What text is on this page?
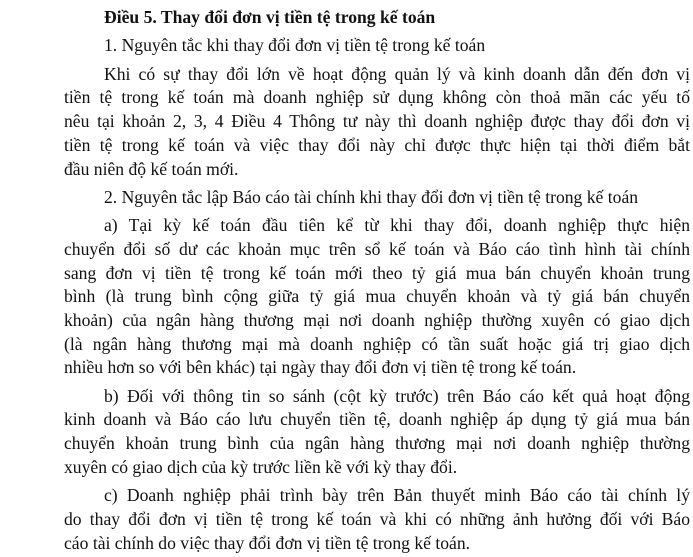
Điều 5. Thay đổi đơn vị tiền tệ trong kế toán
1. Nguyên tắc khi thay đổi đơn vị tiền tệ trong kế toán
Khi có sự thay đổi lớn về hoạt động quản lý và kinh doanh dẫn đến đơn vị
tiền tệ trong kế toán mà doanh nghiệp sử dụng không còn thoả mãn các yếu tố
nêu tại khoản 2, 3, 4 Điều 4 Thông tư này thì doanh nghiệp được thay đổi đơn vị
tiền tệ trong kế toán và việc thay đổi này chỉ được thực hiện tại thời điểm bắt
đầu niên độ kế toán mới.
2. Nguyên tắc lập Báo cáo tài chính khi thay đổi đơn vị tiền tệ trong kế toán
a) Tại kỳ kế toán đầu tiên kể từ khi thay đổi, doanh nghiệp thực hiện
chuyển đổi số dư các khoản mục trên sổ kế toán và Báo cáo tình hình tài chính
sang đơn vị tiền tệ trong kế toán mới theo tỷ giá mua bán chuyển khoản trung
bình (là trung bình cộng giữa tỷ giá mua chuyển khoản và tỷ giá bán chuyển
khoản) của ngân hàng thương mại nơi doanh nghiệp thường xuyên có giao dịch
(là ngân hàng thương mại mà doanh nghiệp có tần suất hoặc giá trị giao dịch
nhiều hơn so với bên khác) tại ngày thay đổi đơn vị tiền tệ trong kế toán.
b) Đối với thông tin so sánh (cột kỳ trước) trên Báo cáo kết quả hoạt động
kinh doanh và Báo cáo lưu chuyển tiền tệ, doanh nghiệp áp dụng tỷ giá mua bán
chuyển khoản trung bình của ngân hàng thương mại nơi doanh nghiệp thường
xuyên có giao dịch của kỳ trước liền kề với kỳ thay đổi.
c) Doanh nghiệp phải trình bày trên Bản thuyết minh Báo cáo tài chính lý
do thay đổi đơn vị tiền tệ trong kế toán và khi có những ảnh hưởng đối với Báo
cáo tài chính do việc thay đổi đơn vị tiền tệ trong kế toán.
